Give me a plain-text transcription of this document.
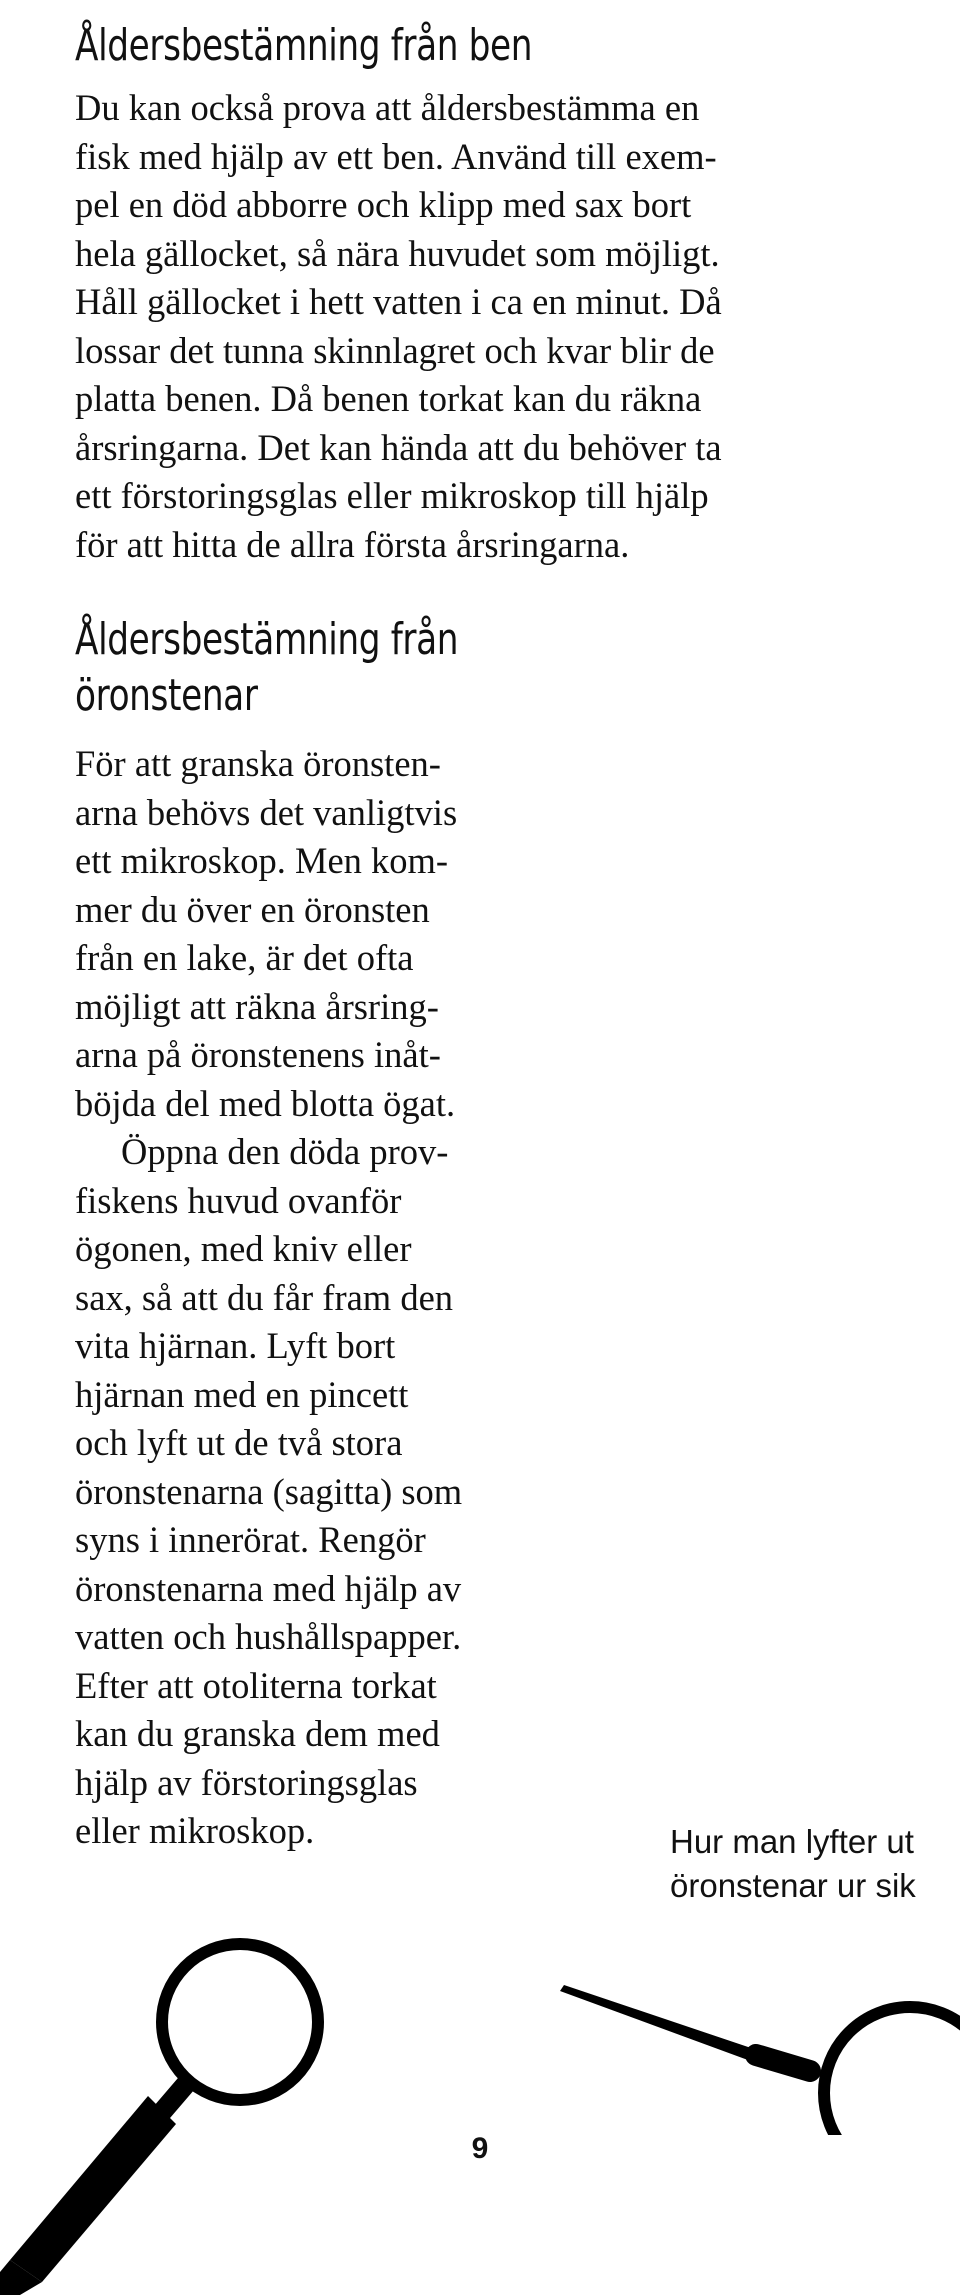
Åldersbestämning från ben

Du kan också prova att åldersbestämma en
fisk med hjälp av ett ben. Använd till exem-
pel en död abborre och klipp med sax bort
hela gällocket, så nära huvudet som möjligt.
Håll gällocket i hett vatten i ca en minut. Då
lossar det tunna skinnlagret och kvar blir de
platta benen. Då benen torkat kan du räkna
årsringarna. Det kan hända att du behöver ta
ett förstoringsglas eller mikroskop till hjälp
för att hitta de allra första årsringarna.

Åldersbestämning från
öronstenar

För att granska öronsten-
arna behövs det vanligtvis
ett mikroskop. Men kom-
mer du över en öronsten
från en lake, är det ofta
möjligt att räkna årsring-
arna på öronstenens inåt-
böjda del med blotta ögat.

Öppna den döda prov-
fiskens huvud ovanför
ögonen, med kniv eller
sax, så att du får fram den
vita hjärnan. Lyft bort
hjärnan med en pincett
och lyft ut de två stora
öronstenarna (sagitta) som
syns i innerörat. Rengör
öronstenarna med hjälp av
vatten och hushållspapper.
Efter att otoliterna torkat
kan du granska dem med
hjälp av förstoringsglas
eller mikroskop.	Hur man lyfter ut
öronstenar ur sik
9
